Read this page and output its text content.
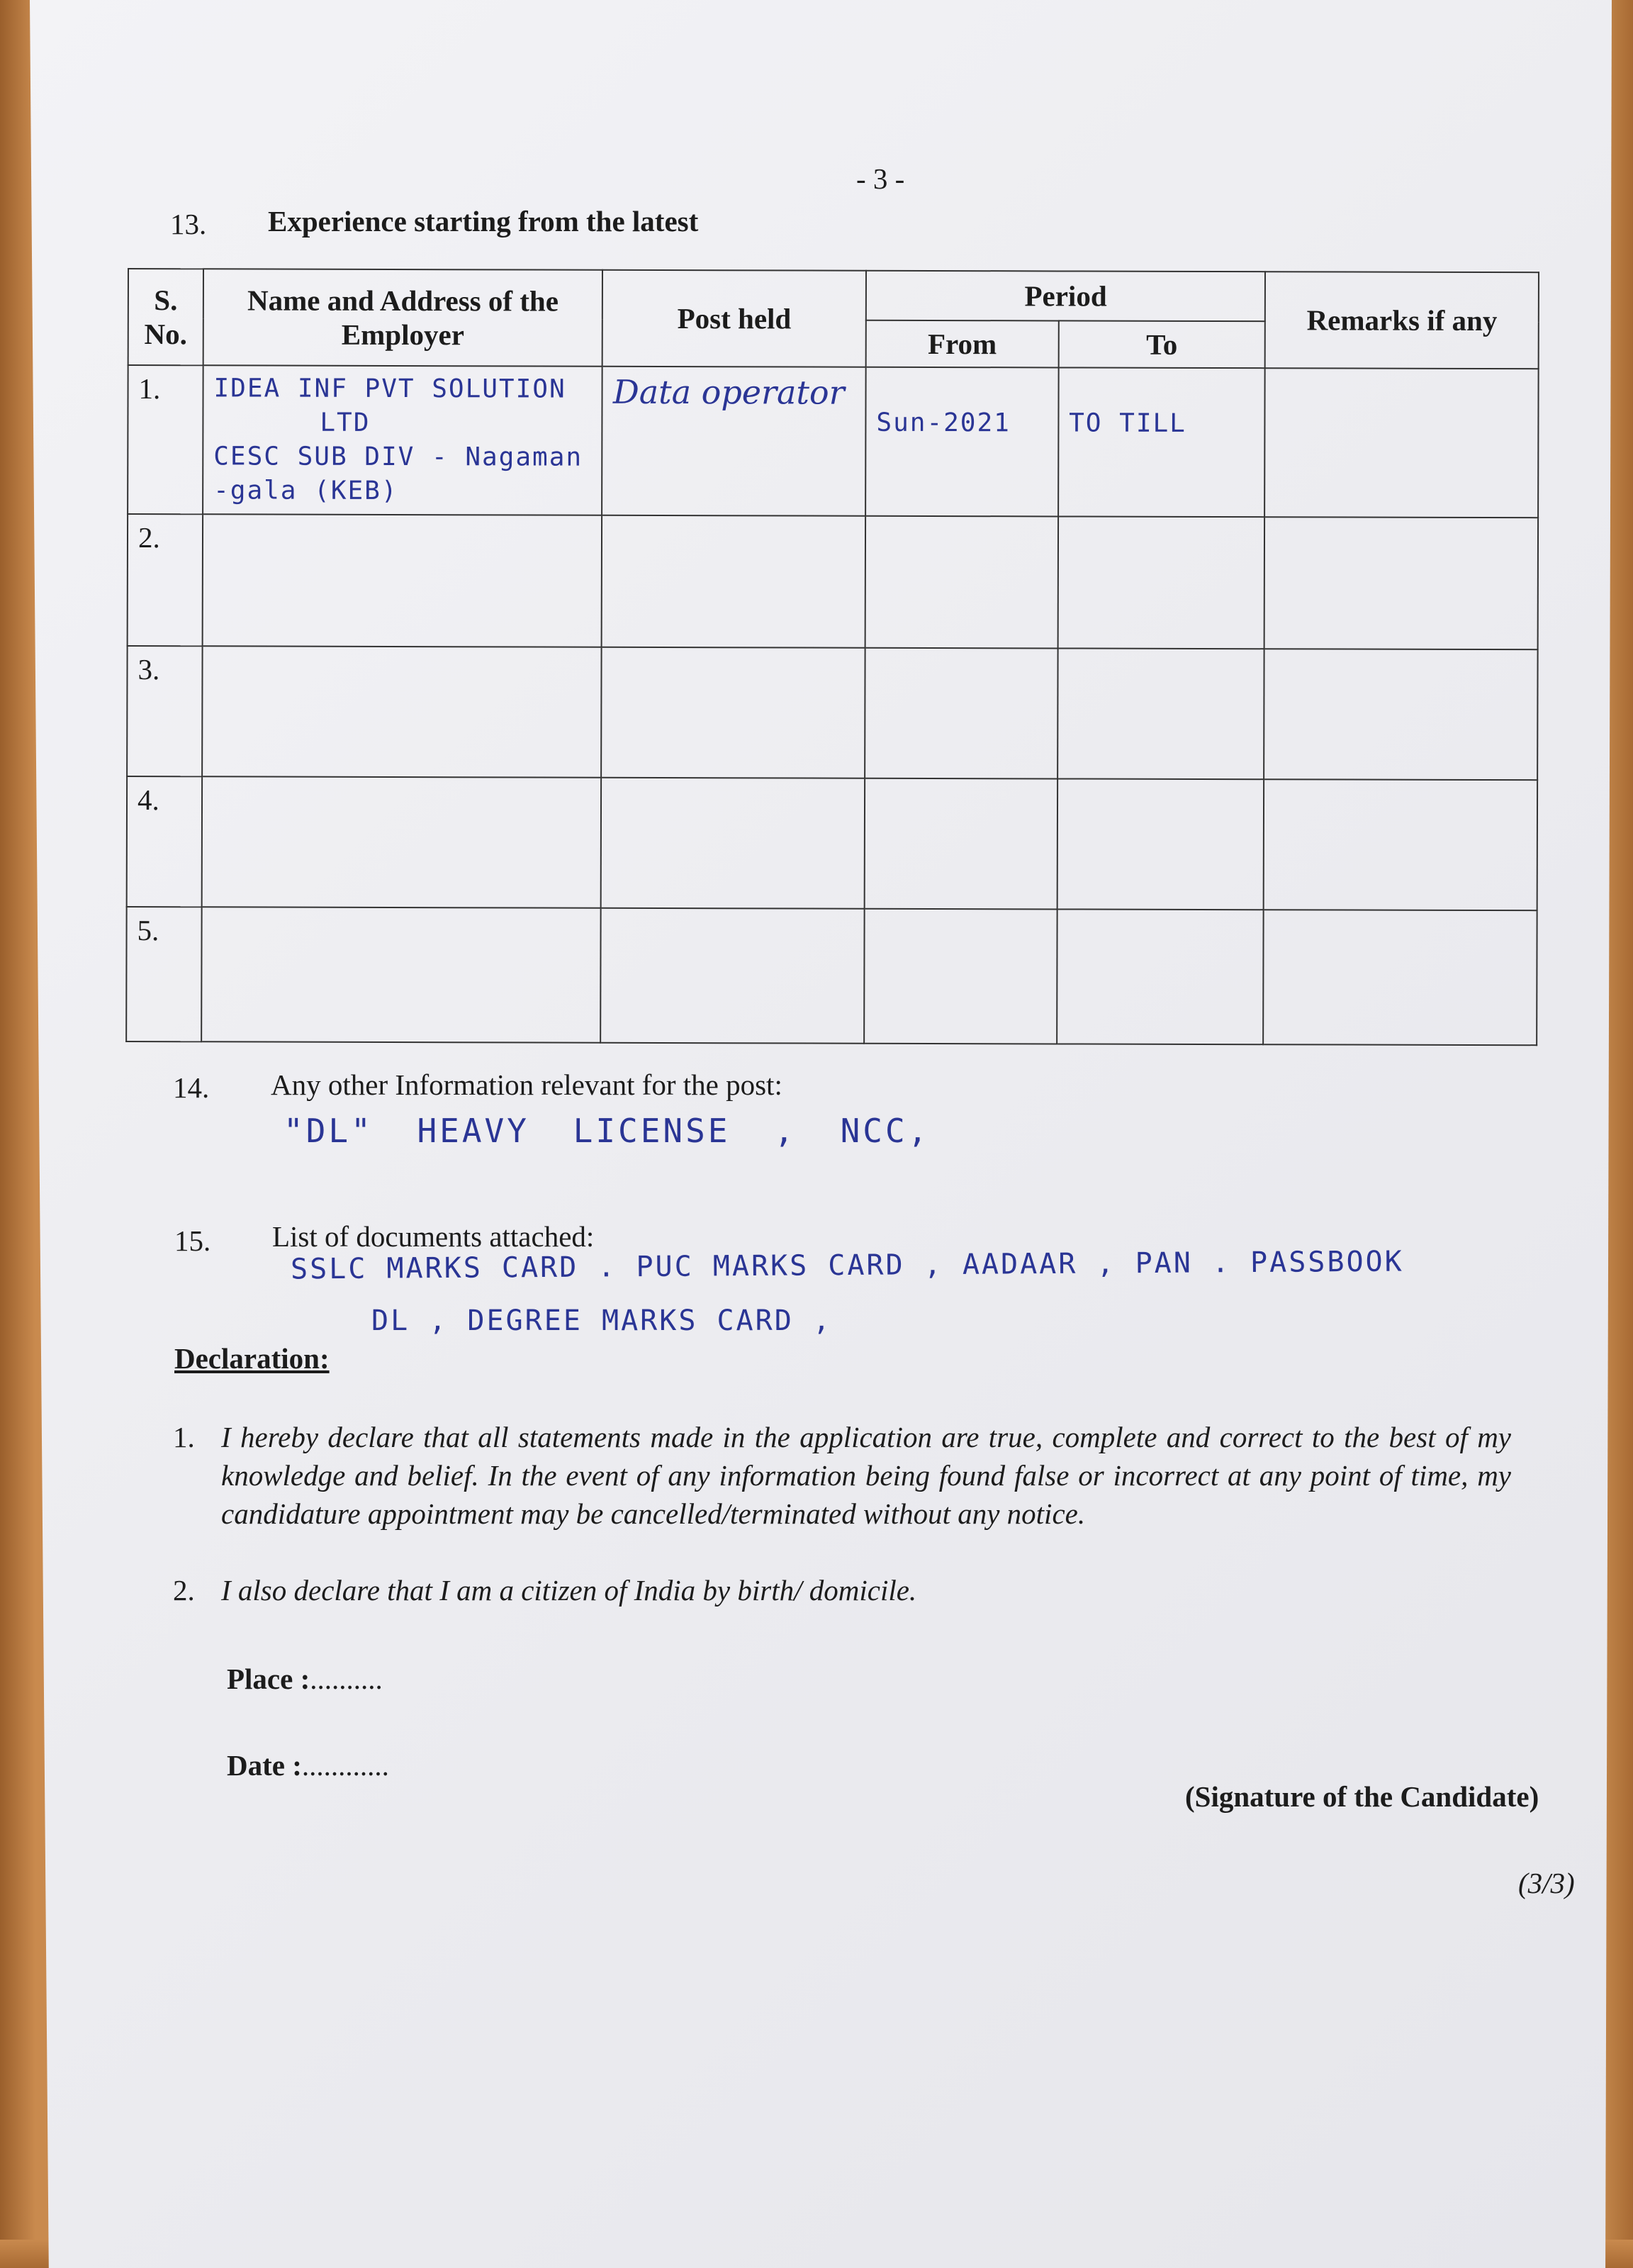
- 3 -
13. Experience starting from the latest
S. No.	Name and Address of the Employer	Post held	Period		Remarks if any
			From	To	
1.	IDEA INF PVT SOLUTION
LTD
CESC SUB DIV - Nagaman
-gala (KEB)	Data operator	Sun-2021	TO TILL	

2.					
3.					
4.					
5.					
14. Any other Information relevant for the post:
"DL" HEAVY LICENSE , NCC,
15. List of documents attached:
SSLC MARKS CARD . PUC MARKS CARD , AADAAR , PAN . PASSBOOK
DL , DEGREE MARKS CARD ,
Declaration:
1. I hereby declare that all statements made in the application are true, complete and correct to the best of my knowledge and belief. In the event of any information being found false or incorrect at any point of time, my candidature appointment may be cancelled/terminated without any notice.
2. I also declare that I am a citizen of India by birth/ domicile.
Place :..........
Date :............
(Signature of the Candidate)
(3/3)
